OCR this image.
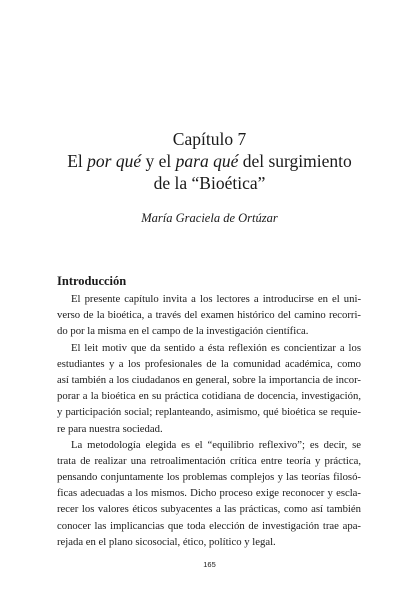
Capítulo 7
El por qué y el para qué del surgimiento
de la “Bioética”
María Graciela de Ortúzar
Introducción
El presente capítulo invita a los lectores a introducirse en el uni-
verso de la bioética, a través del examen histórico del camino recorri-
do por la misma en el campo de la investigación científica.
El leit motiv que da sentido a ésta reflexión es concientizar a los
estudiantes y a los profesionales de la comunidad académica, como
así también a los ciudadanos en general, sobre la importancia de incor-
porar a la bioética en su práctica cotidiana de docencia, investigación,
y participación social; replanteando, asimismo, qué bioética se requie-
re para nuestra sociedad.
La metodología elegida es el “equilibrio reflexivo”; es decir, se
trata de realizar una retroalimentación crítica entre teoría y práctica,
pensando conjuntamente los problemas complejos y las teorías filosó-
ficas adecuadas a los mismos. Dicho proceso exige reconocer y escla-
recer los valores éticos subyacentes a las prácticas, como así también
conocer las implicancias que toda elección de investigación trae apa-
rejada en el plano sicosocial, ético, político y legal.
165
